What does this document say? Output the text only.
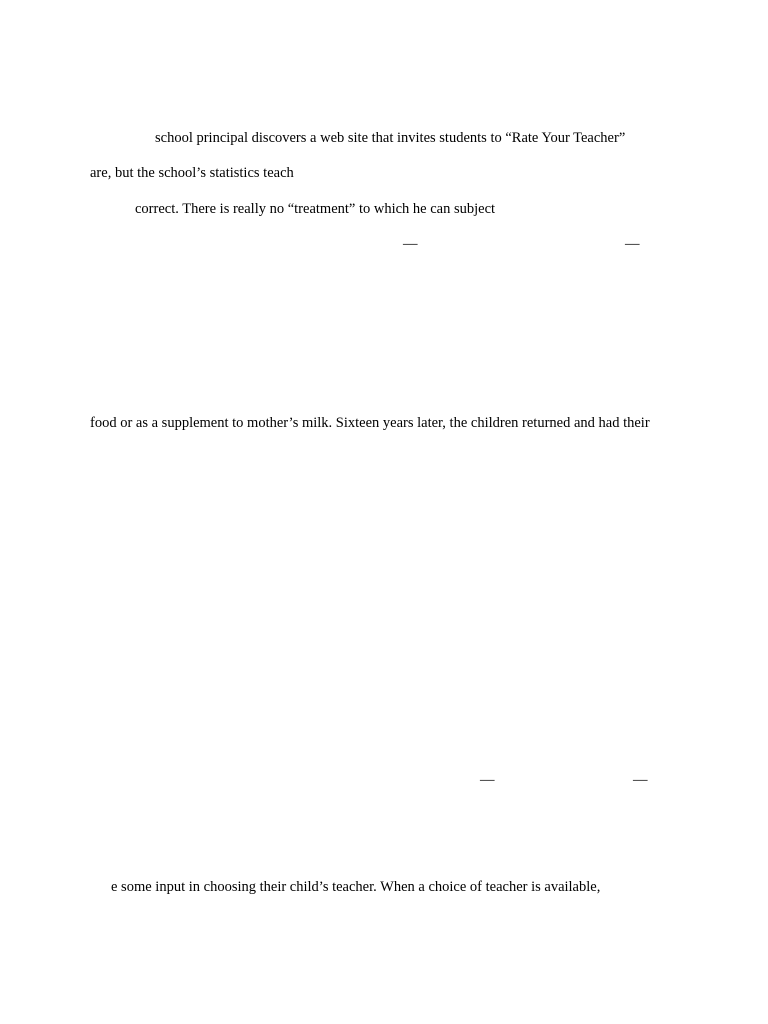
school principal discovers a web site that invites students to “Rate Your Teacher”
are, but the school’s statistics teach
correct. There is really no “treatment” to which he can subject
—	—
food or as a supplement to mother’s milk. Sixteen years later, the children returned and had their
—	—
e some input in choosing their child’s teacher. When a choice of teacher is available,
